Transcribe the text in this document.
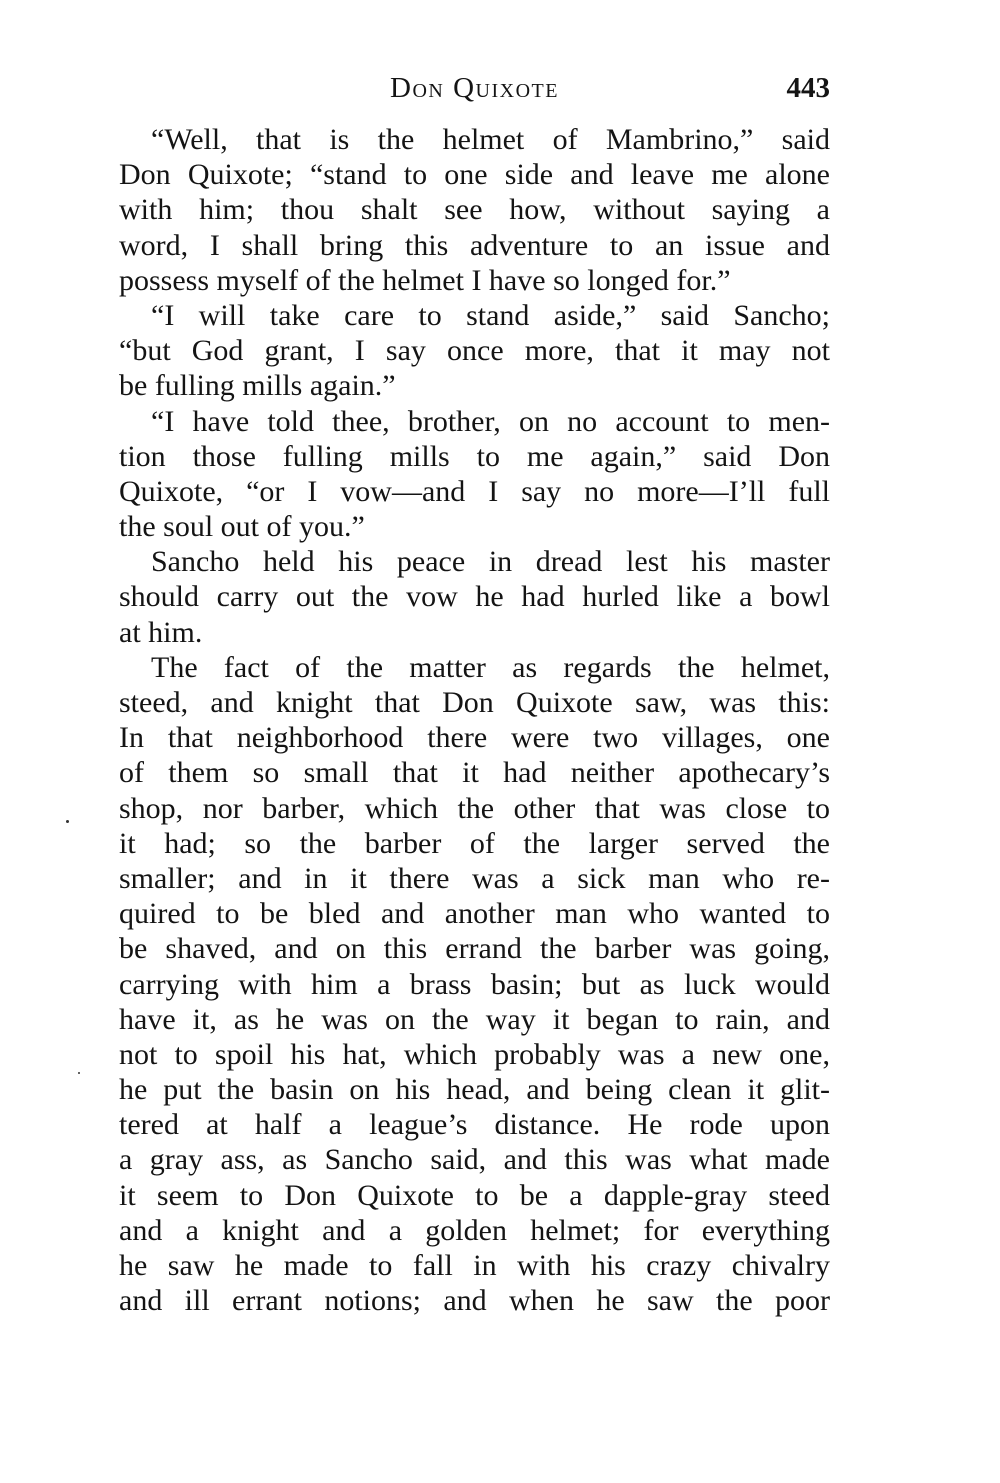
Don Quixote	443
“Well, that is the helmet of Mambrino,” said
Don Quixote; “stand to one side and leave me alone
with him; thou shalt see how, without saying a
word, I shall bring this adventure to an issue and
possess myself of the helmet I have so longed for.”
“I will take care to stand aside,” said Sancho;
“but God grant, I say once more, that it may not
be fulling mills again.”
“I have told thee, brother, on no account to men-
tion those fulling mills to me again,” said Don
Quixote, “or I vow—and I say no more—I’ll full
the soul out of you.”
Sancho held his peace in dread lest his master
should carry out the vow he had hurled like a bowl
at him.
The fact of the matter as regards the helmet,
steed, and knight that Don Quixote saw, was this:
In that neighborhood there were two villages, one
of them so small that it had neither apothecary’s
shop, nor barber, which the other that was close to
it had; so the barber of the larger served the
smaller; and in it there was a sick man who re-
quired to be bled and another man who wanted to
be shaved, and on this errand the barber was going,
carrying with him a brass basin; but as luck would
have it, as he was on the way it began to rain, and
not to spoil his hat, which probably was a new one,
he put the basin on his head, and being clean it glit-
tered at half a league’s distance. He rode upon
a gray ass, as Sancho said, and this was what made
it seem to Don Quixote to be a dapple-gray steed
and a knight and a golden helmet; for everything
he saw he made to fall in with his crazy chivalry
and ill errant notions; and when he saw the poor
